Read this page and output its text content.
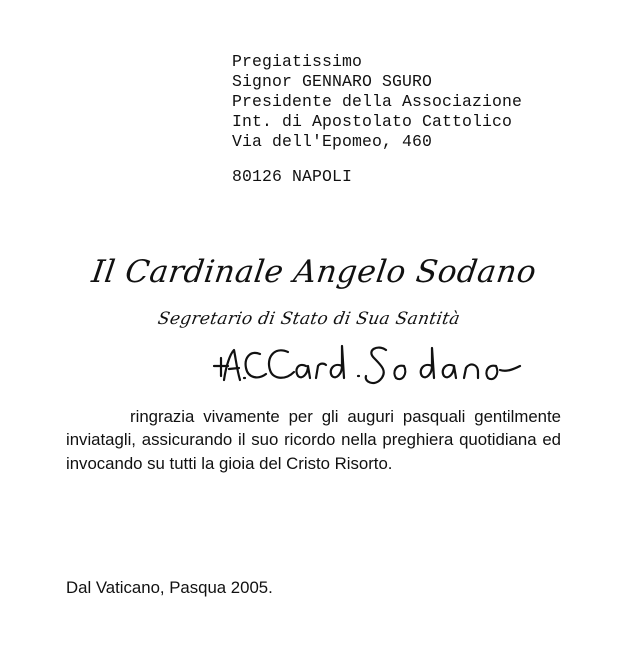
Pregiatissimo
Signor GENNARO SGURO
Presidente della Associazione
Int. di Apostolato Cattolico
Via dell'Epomeo, 460
80126 NAPOLI
Il Cardinale Angelo Sodano
Segretario di Stato di Sua Santità
ringrazia vivamente per gli auguri pasquali gentilmente inviatagli, assicurando il suo ricordo nella preghiera quotidiana ed invocando su tutti la gioia del Cristo Risorto.
Dal Vaticano, Pasqua 2005.
